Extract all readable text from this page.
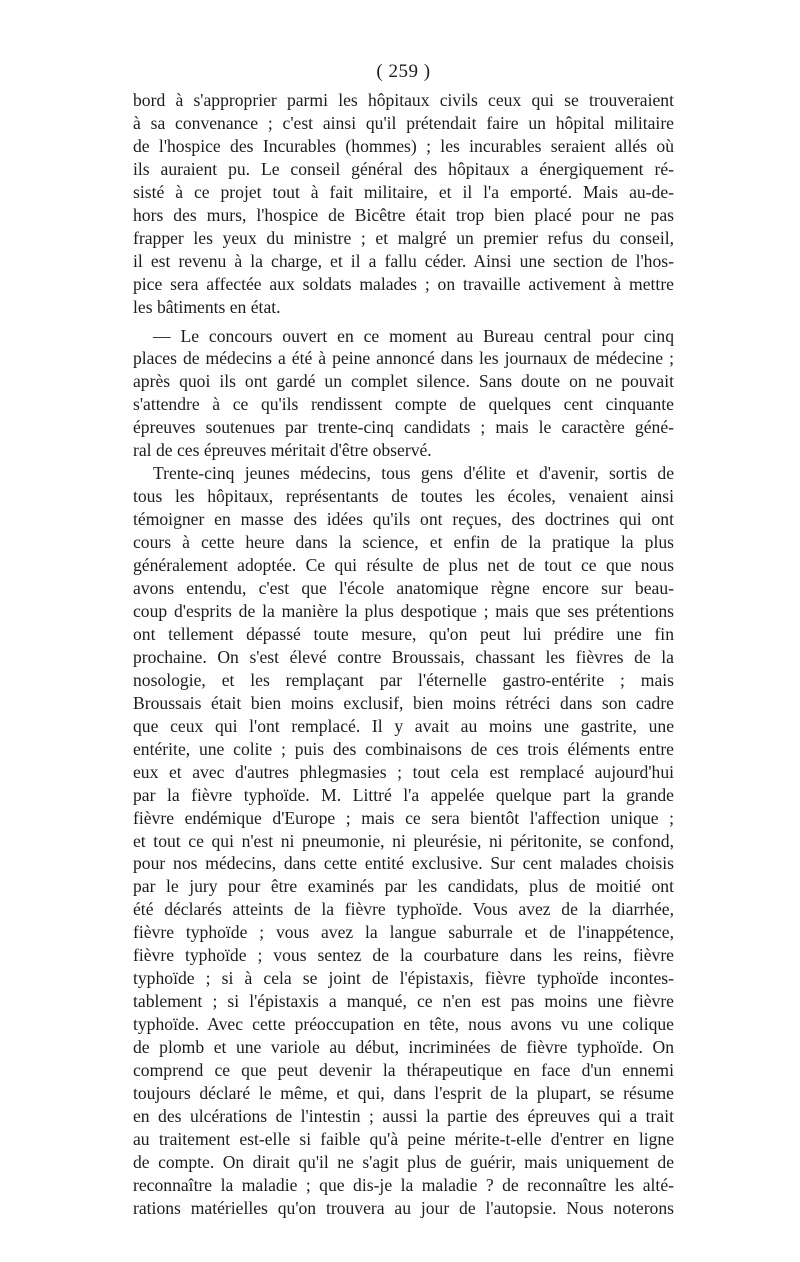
( 259 )
bord à s'approprier parmi les hôpitaux civils ceux qui se trouveraient
à sa convenance ; c'est ainsi qu'il prétendait faire un hôpital militaire
de l'hospice des Incurables (hommes) ; les incurables seraient allés où
ils auraient pu. Le conseil général des hôpitaux a énergiquement ré-
sisté à ce projet tout à fait militaire, et il l'a emporté. Mais au-de-
hors des murs, l'hospice de Bicêtre était trop bien placé pour ne pas
frapper les yeux du ministre ; et malgré un premier refus du conseil,
il est revenu à la charge, et il a fallu céder. Ainsi une section de l'hos-
pice sera affectée aux soldats malades ; on travaille activement à mettre
les bâtiments en état.
— Le concours ouvert en ce moment au Bureau central pour cinq
places de médecins a été à peine annoncé dans les journaux de médecine ;
après quoi ils ont gardé un complet silence. Sans doute on ne pouvait
s'attendre à ce qu'ils rendissent compte de quelques cent cinquante
épreuves soutenues par trente-cinq candidats ; mais le caractère géné-
ral de ces épreuves méritait d'être observé.
Trente-cinq jeunes médecins, tous gens d'élite et d'avenir, sortis de
tous les hôpitaux, représentants de toutes les écoles, venaient ainsi
témoigner en masse des idées qu'ils ont reçues, des doctrines qui ont
cours à cette heure dans la science, et enfin de la pratique la plus
généralement adoptée. Ce qui résulte de plus net de tout ce que nous
avons entendu, c'est que l'école anatomique règne encore sur beau-
coup d'esprits de la manière la plus despotique ; mais que ses prétentions
ont tellement dépassé toute mesure, qu'on peut lui prédire une fin
prochaine. On s'est élevé contre Broussais, chassant les fièvres de la
nosologie, et les remplaçant par l'éternelle gastro-entérite ; mais
Broussais était bien moins exclusif, bien moins rétréci dans son cadre
que ceux qui l'ont remplacé. Il y avait au moins une gastrite, une
entérite, une colite ; puis des combinaisons de ces trois éléments entre
eux et avec d'autres phlegmasies ; tout cela est remplacé aujourd'hui
par la fièvre typhoïde. M. Littré l'a appelée quelque part la grande
fièvre endémique d'Europe ; mais ce sera bientôt l'affection unique ;
et tout ce qui n'est ni pneumonie, ni pleurésie, ni péritonite, se confond,
pour nos médecins, dans cette entité exclusive. Sur cent malades choisis
par le jury pour être examinés par les candidats, plus de moitié ont
été déclarés atteints de la fièvre typhoïde. Vous avez de la diarrhée,
fièvre typhoïde ; vous avez la langue saburrale et de l'inappétence,
fièvre typhoïde ; vous sentez de la courbature dans les reins, fièvre
typhoïde ; si à cela se joint de l'épistaxis, fièvre typhoïde incontes-
tablement ; si l'épistaxis a manqué, ce n'en est pas moins une fièvre
typhoïde. Avec cette préoccupation en tête, nous avons vu une colique
de plomb et une variole au début, incriminées de fièvre typhoïde. On
comprend ce que peut devenir la thérapeutique en face d'un ennemi
toujours déclaré le même, et qui, dans l'esprit de la plupart, se résume
en des ulcérations de l'intestin ; aussi la partie des épreuves qui a trait
au traitement est-elle si faible qu'à peine mérite-t-elle d'entrer en ligne
de compte. On dirait qu'il ne s'agit plus de guérir, mais uniquement de
reconnaître la maladie ; que dis-je la maladie ? de reconnaître les alté-
rations matérielles qu'on trouvera au jour de l'autopsie. Nous noterons
